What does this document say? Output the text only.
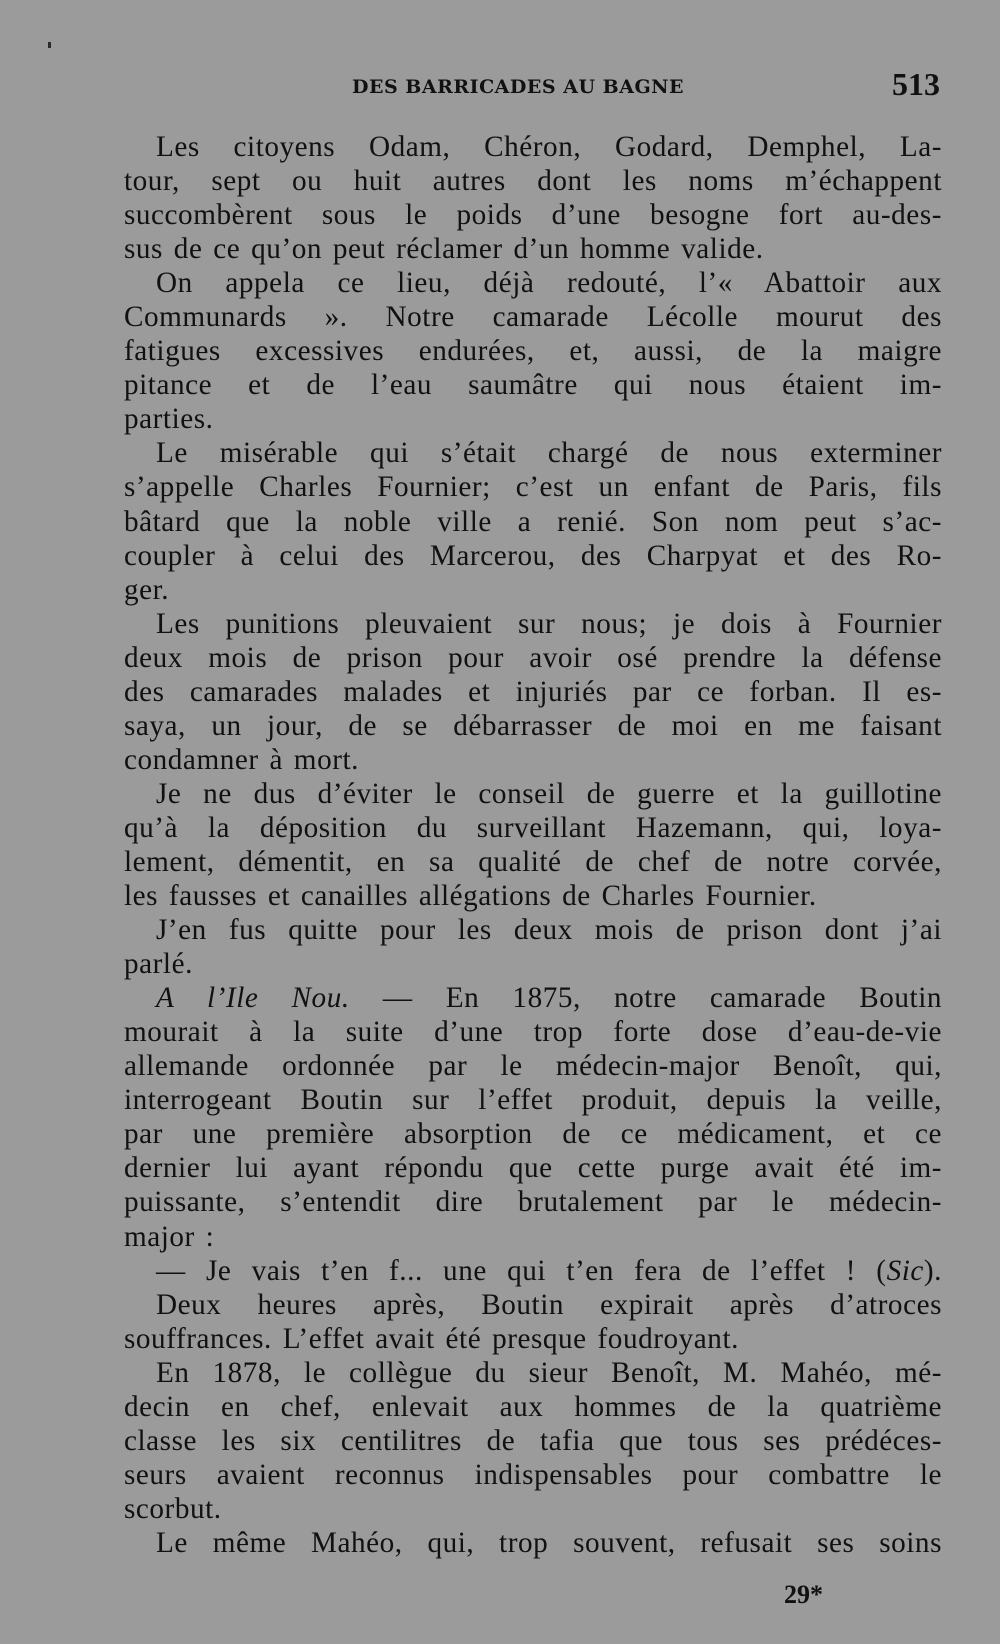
DES BARRICADES AU BAGNE	513
Les citoyens Odam, Chéron, Godard, Demphel, La-
tour, sept ou huit autres dont les noms m’échappent
succombèrent sous le poids d’une besogne fort au-des-
sus de ce qu’on peut réclamer d’un homme valide.
On appela ce lieu, déjà redouté, l’« Abattoir aux
Communards ». Notre camarade Lécolle mourut des
fatigues excessives endurées, et, aussi, de la maigre
pitance et de l’eau saumâtre qui nous étaient im-
parties.
Le misérable qui s’était chargé de nous exterminer
s’appelle Charles Fournier; c’est un enfant de Paris, fils
bâtard que la noble ville a renié. Son nom peut s’ac-
coupler à celui des Marcerou, des Charpyat et des Ro-
ger.
Les punitions pleuvaient sur nous; je dois à Fournier
deux mois de prison pour avoir osé prendre la défense
des camarades malades et injuriés par ce forban. Il es-
saya, un jour, de se débarrasser de moi en me faisant
condamner à mort.
Je ne dus d’éviter le conseil de guerre et la guillotine
qu’à la déposition du surveillant Hazemann, qui, loya-
lement, démentit, en sa qualité de chef de notre corvée,
les fausses et canailles allégations de Charles Fournier.
J’en fus quitte pour les deux mois de prison dont j’ai
parlé.
A l’Ile Nou. — En 1875, notre camarade Boutin
mourait à la suite d’une trop forte dose d’eau-de-vie
allemande ordonnée par le médecin-major Benoît, qui,
interrogeant Boutin sur l’effet produit, depuis la veille,
par une première absorption de ce médicament, et ce
dernier lui ayant répondu que cette purge avait été im-
puissante, s’entendit dire brutalement par le médecin-
major :
— Je vais t’en f... une qui t’en fera de l’effet ! (Sic).
Deux heures après, Boutin expirait après d’atroces
souffrances. L’effet avait été presque foudroyant.
En 1878, le collègue du sieur Benoît, M. Mahéo, mé-
decin en chef, enlevait aux hommes de la quatrième
classe les six centilitres de tafia que tous ses prédéces-
seurs avaient reconnus indispensables pour combattre le
scorbut.
Le même Mahéo, qui, trop souvent, refusait ses soins
29*
